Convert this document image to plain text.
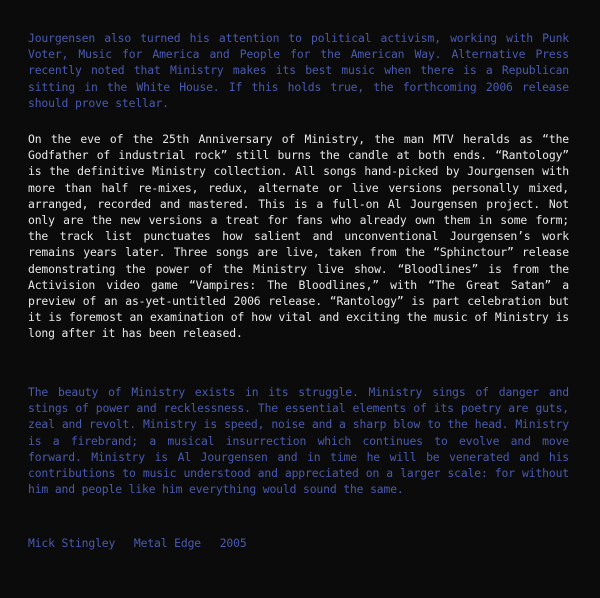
Jourgensen also turned his attention to political activism, working with Punk Voter, Music for America and People for the American Way. Alternative Press recently noted that Ministry makes its best music when there is a Republican sitting in the White House. If this holds true, the forthcoming 2006 release should prove stellar.

On the eve of the 25th Anniversary of Ministry, the man MTV heralds as “the Godfather of industrial rock” still burns the candle at both ends. “Rantology” is the definitive Ministry collection. All songs hand-picked by Jourgensen with more than half re-mixes, redux, alternate or live versions personally mixed, arranged, recorded and mastered. This is a full-on Al Jourgensen project. Not only are the new versions a treat for fans who already own them in some form; the track list punctuates how salient and unconventional Jourgensen’s work remains years later. Three songs are live, taken from the “Sphinctour” release demonstrating the power of the Ministry live show. “Bloodlines” is from the Activision video game “Vampires: The Bloodlines,” with “The Great Satan” a preview of an as-yet-untitled 2006 release. “Rantology” is part celebration but it is foremost an examination of how vital and exciting the music of Ministry is long after it has been released.

The beauty of Ministry exists in its struggle. Ministry sings of danger and stings of power and recklessness. The essential elements of its poetry are guts, zeal and revolt. Ministry is speed, noise and a sharp blow to the head. Ministry is a firebrand; a musical insurrection which continues to evolve and move forward. Ministry is Al Jourgensen and in time he will be venerated and his contributions to music understood and appreciated on a larger scale: for without him and people like him everything would sound the same.

Mick Stingley Metal Edge 2005
